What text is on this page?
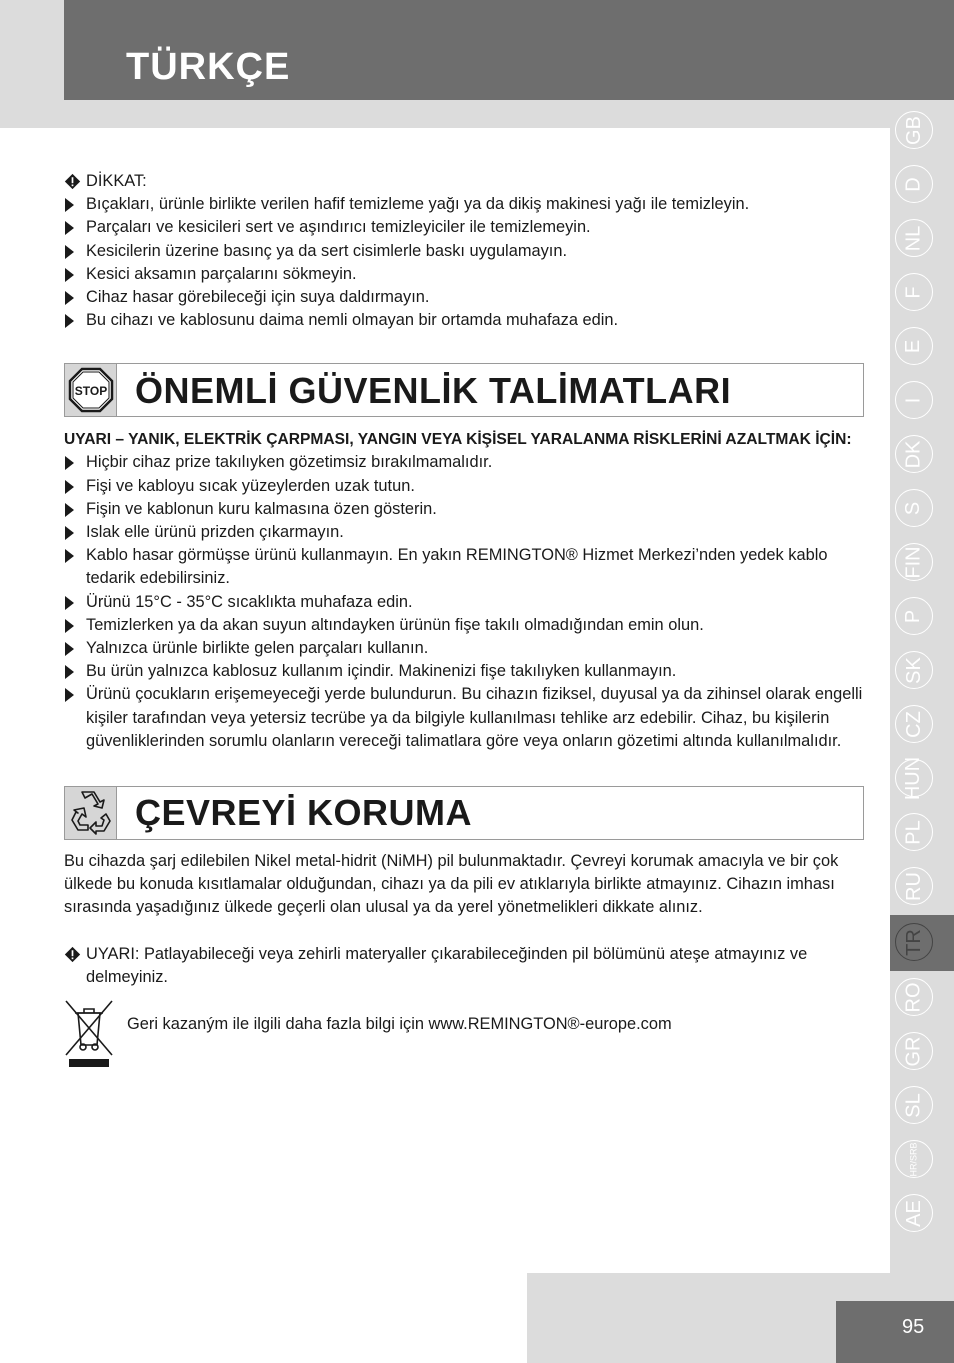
TÜRKÇE
GB
D
NL
F
E
I
DK
S
FIN
P
SK
CZ
HUN
PL
RU
TR
RO
GR
SL
HR/SRB
AE
DİKKAT:
Bıçakları, ürünle birlikte verilen hafif temizleme yağı ya da dikiş makinesi yağı ile temizleyin.
Parçaları ve kesicileri sert ve aşındırıcı temizleyiciler ile temizlemeyin.
Kesicilerin üzerine basınç ya da sert cisimlerle baskı uygulamayın.
Kesici aksamın parçalarını sökmeyin.
Cihaz hasar görebileceği için suya daldırmayın.
Bu cihazı ve kablosunu daima nemli olmayan bir ortamda muhafaza edin.
STOP ÖNEMLİ GÜVENLİK TALİMATLARI
UYARI – YANIK, ELEKTRİK ÇARPMASI, YANGIN VEYA KİŞİSEL YARALANMA RİSKLERİNİ AZALTMAK İÇİN:
Hiçbir cihaz prize takılıyken gözetimsiz bırakılmamalıdır.
Fişi ve kabloyu sıcak yüzeylerden uzak tutun.
Fişin ve kablonun kuru kalmasına özen gösterin.
Islak elle ürünü prizden çıkarmayın.
Kablo hasar görmüşse ürünü kullanmayın. En yakın REMINGTON® Hizmet Merkezi’nden yedek kablo tedarik edebilirsiniz.
Ürünü 15°C - 35°C sıcaklıkta muhafaza edin.
Temizlerken ya da akan suyun altındayken ürünün fişe takılı olmadığından emin olun.
Yalnızca ürünle birlikte gelen parçaları kullanın.
Bu ürün yalnızca kablosuz kullanım içindir. Makinenizi fişe takılıyken kullanmayın.
Ürünü çocukların erişemeyeceği yerde bulundurun. Bu cihazın fiziksel, duyusal ya da zihinsel olarak engelli kişiler tarafından veya yetersiz tecrübe ya da bilgiyle kullanılması tehlike arz edebilir. Cihaz, bu kişilerin güvenliklerinden sorumlu olanların vereceği talimatlara göre veya onların gözetimi altında kullanılmalıdır.
ÇEVREYİ KORUMA

Bu cihazda şarj edilebilen Nikel metal-hidrit (NiMH) pil bulunmaktadır. Çevreyi korumak amacıyla ve bir çok ülkede bu konuda kısıtlamalar olduğundan, cihazı ya da pili ev atıklarıyla birlikte atmayınız. Cihazın imhası sırasında yaşadığınız ülkede geçerli olan ulusal ya da yerel yönetmelikleri dikkate alınız.

UYARI: Patlayabileceği veya zehirli materyaller çıkarabileceğinden pil bölümünü ateşe atmayınız ve delmeyiniz.
Geri kazaným ile ilgili daha fazla bilgi için www.REMINGTON®-europe.com
95
